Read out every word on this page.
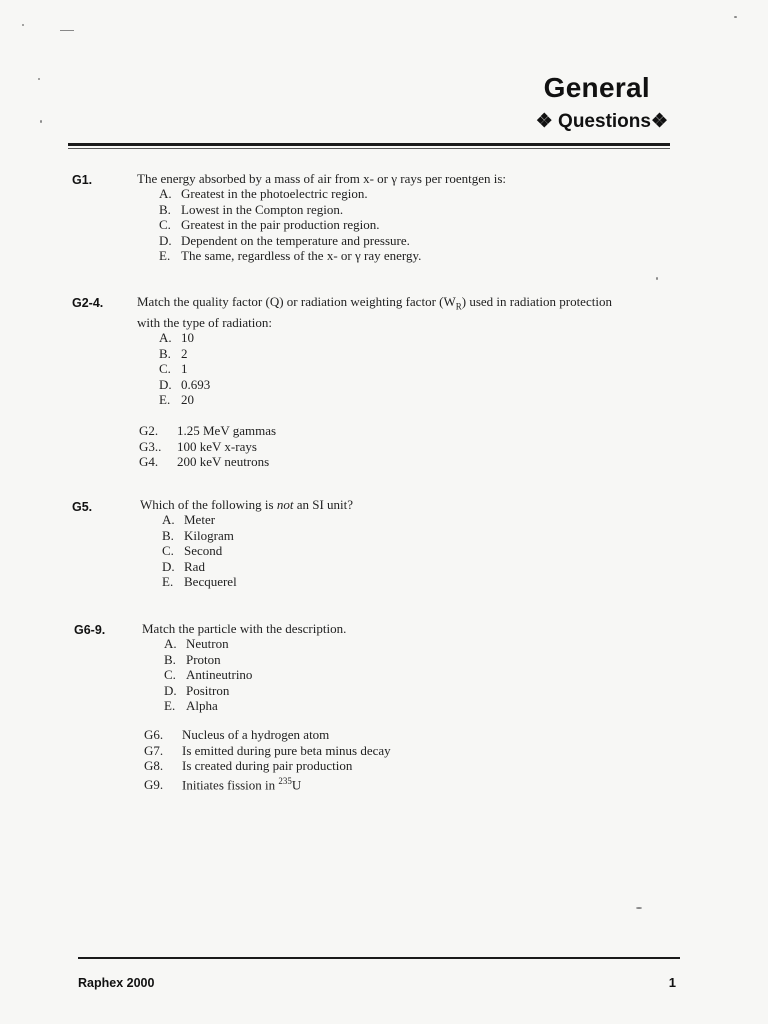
General
❖ Questions❖
G1.	The energy absorbed by a mass of air from x- or γ rays per roentgen is:
A. Greatest in the photoelectric region.
B. Lowest in the Compton region.
C. Greatest in the pair production region.
D. Dependent on the temperature and pressure.
E. The same, regardless of the x- or γ ray energy.
G2-4.	Match the quality factor (Q) or radiation weighting factor $(W_R)$ used in radiation protection
with the type of radiation:
A. 10
B. 2
C. 1
D. 0.693
E. 20
G2. 1.25 MeV gammas
G3.. 100 keV x-rays
G4. 200 keV neutrons
G5.	Which of the following is not an SI unit?
A. Meter
B. Kilogram
C. Second
D. Rad
E. Becquerel
G6-9.	Match the particle with the description.
A. Neutron
B. Proton
C. Antineutrino
D. Positron
E. Alpha
G6. Nucleus of a hydrogen atom
G7. Is emitted during pure beta minus decay
G8. Is created during pair production
G9. Initiates fission in $^{235}$U
Raphex 2000	1
